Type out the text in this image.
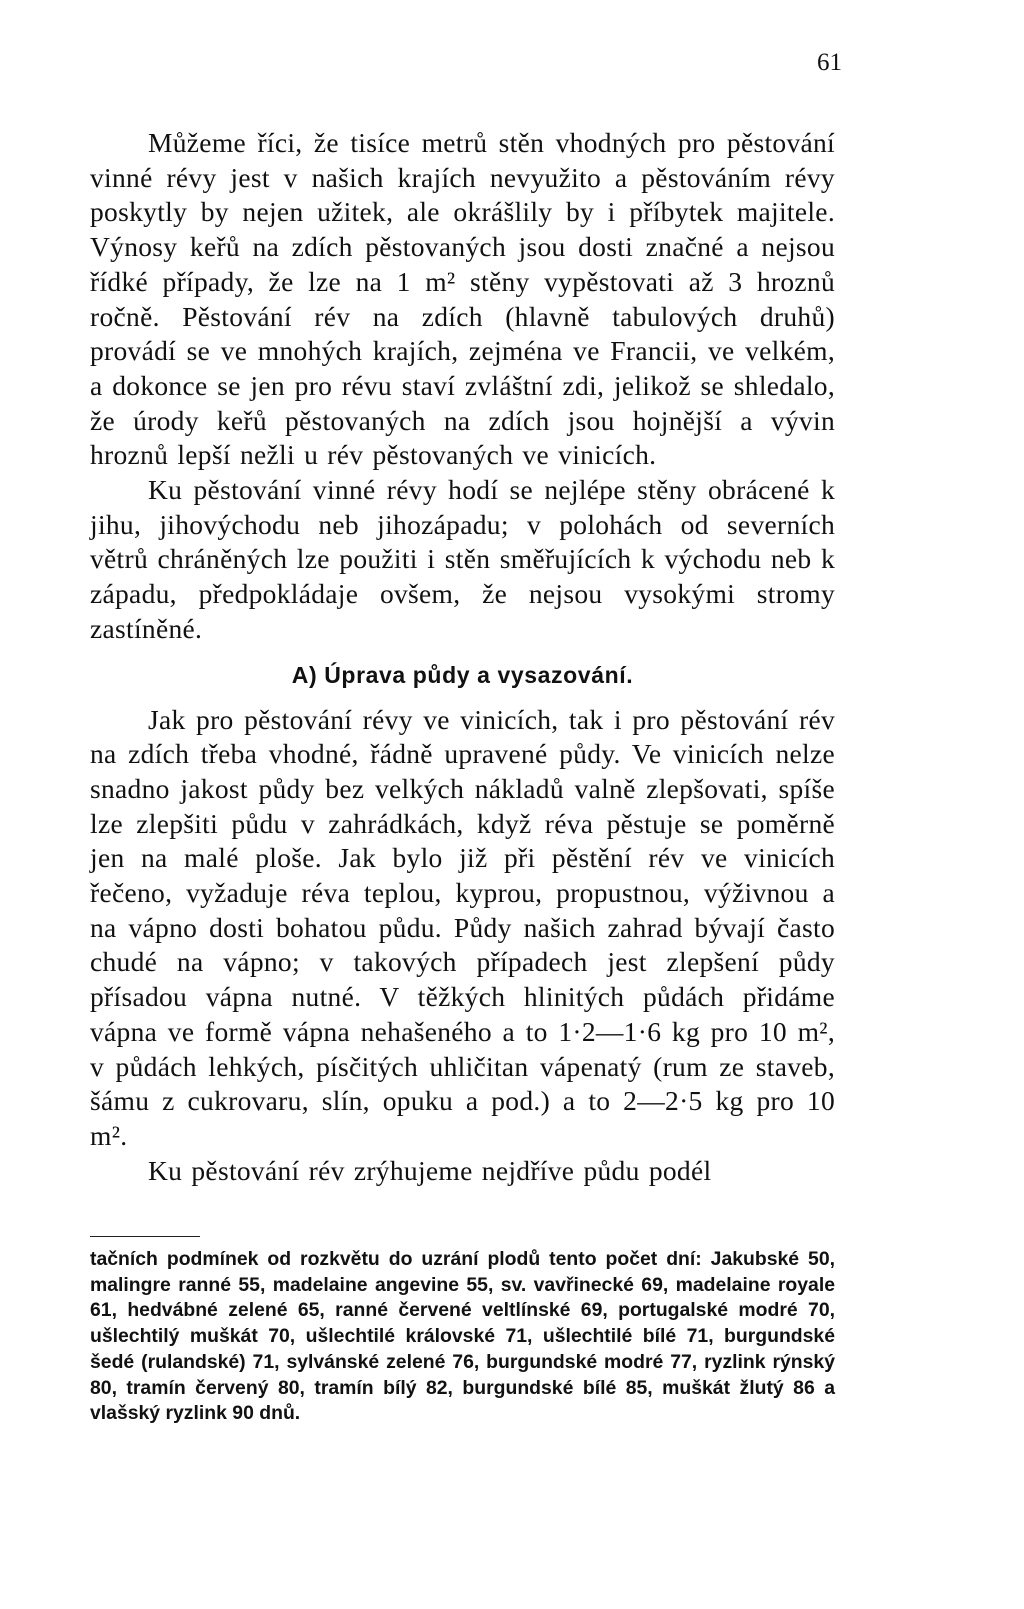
61

Můžeme říci, že tisíce metrů stěn vhodných pro pěstování vinné révy jest v našich krajích nevyužito a pěstováním révy poskytly by nejen užitek, ale okrášlily by i příbytek majitele. Výnosy keřů na zdích pěstovaných jsou dosti značné a nejsou řídké případy, že lze na 1 m² stěny vypěstovati až 3 hroznů ročně. Pěstování rév na zdích (hlavně tabulových druhů) provádí se ve mnohých krajích, zejména ve Francii, ve velkém, a dokonce se jen pro révu staví zvláštní zdi, jelikož se shledalo, že úrody keřů pěstovaných na zdích jsou hojnější a vývin hroznů lepší nežli u rév pěstovaných ve vinicích.

Ku pěstování vinné révy hodí se nejlépe stěny obrácené k jihu, jihovýchodu neb jihozápadu; v polohách od severních větrů chráněných lze použiti i stěn směřujících k východu neb k západu, předpokládaje ovšem, že nejsou vysokými stromy zastíněné.

A) Úprava půdy a vysazování.

Jak pro pěstování révy ve vinicích, tak i pro pěstování rév na zdích třeba vhodné, řádně upravené půdy. Ve vinicích nelze snadno jakost půdy bez velkých nákladů valně zlepšovati, spíše lze zlepšiti půdu v zahrádkách, když réva pěstuje se poměrně jen na malé ploše. Jak bylo již při pěstění rév ve vinicích řečeno, vyžaduje réva teplou, kyprou, propustnou, výživnou a na vápno dosti bohatou půdu. Půdy našich zahrad bývají často chudé na vápno; v takových případech jest zlepšení půdy přísadou vápna nutné. V těžkých hlinitých půdách přidáme vápna ve formě vápna nehašeného a to 1·2—1·6 kg pro 10 m², v půdách lehkých, písčitých uhličitan vápenatý (rum ze staveb, šámu z cukrovaru, slín, opuku a pod.) a to 2—2·5 kg pro 10 m².

Ku pěstování rév zrýhujeme nejdříve půdu podél

tačních podmínek od rozkvětu do uzrání plodů tento počet dní: Jakubské 50, malingre ranné 55, madelaine angevine 55, sv. vavřinecké 69, madelaine royale 61, hedvábné zelené 65, ranné červené veltlínské 69, portugalské modré 70, ušlechtilý muškát 70, ušlechtilé královské 71, ušlechtilé bílé 71, burgundské šedé (rulandské) 71, sylvánské zelené 76, burgundské modré 77, ryzlink rýnský 80, tramín červený 80, tramín bílý 82, burgundské bílé 85, muškát žlutý 86 a vlašský ryzlink 90 dnů.
